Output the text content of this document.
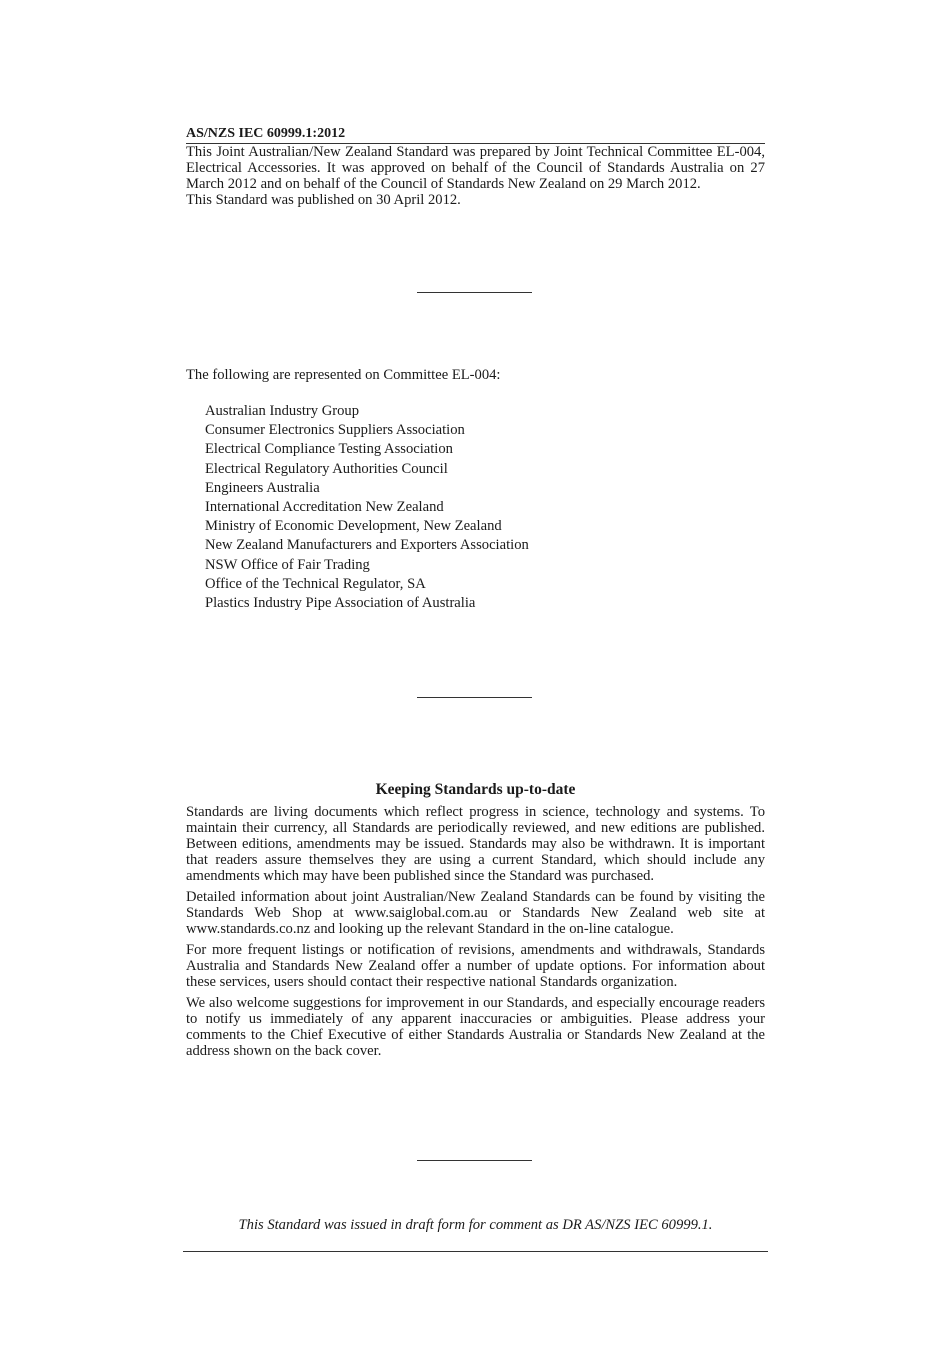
AS/NZS IEC 60999.1:2012

This Joint Australian/New Zealand Standard was prepared by Joint Technical Committee EL-004, Electrical Accessories. It was approved on behalf of the Council of Standards Australia on 27 March 2012 and on behalf of the Council of Standards New Zealand on 29 March 2012.

This Standard was published on 30 April 2012.

The following are represented on Committee EL-004:

Australian Industry Group
Consumer Electronics Suppliers Association
Electrical Compliance Testing Association
Electrical Regulatory Authorities Council
Engineers Australia
International Accreditation New Zealand
Ministry of Economic Development, New Zealand
New Zealand Manufacturers and Exporters Association
NSW Office of Fair Trading
Office of the Technical Regulator, SA
Plastics Industry Pipe Association of Australia
Keeping Standards up-to-date

Standards are living documents which reflect progress in science, technology and systems. To maintain their currency, all Standards are periodically reviewed, and new editions are published. Between editions, amendments may be issued. Standards may also be withdrawn. It is important that readers assure themselves they are using a current Standard, which should include any amendments which may have been published since the Standard was purchased.

Detailed information about joint Australian/New Zealand Standards can be found by visiting the Standards Web Shop at www.saiglobal.com.au or Standards New Zealand web site at www.standards.co.nz and looking up the relevant Standard in the on-line catalogue.

For more frequent listings or notification of revisions, amendments and withdrawals, Standards Australia and Standards New Zealand offer a number of update options. For information about these services, users should contact their respective national Standards organization.

We also welcome suggestions for improvement in our Standards, and especially encourage readers to notify us immediately of any apparent inaccuracies or ambiguities. Please address your comments to the Chief Executive of either Standards Australia or Standards New Zealand at the address shown on the back cover.

This Standard was issued in draft form for comment as DR AS/NZS IEC 60999.1.
